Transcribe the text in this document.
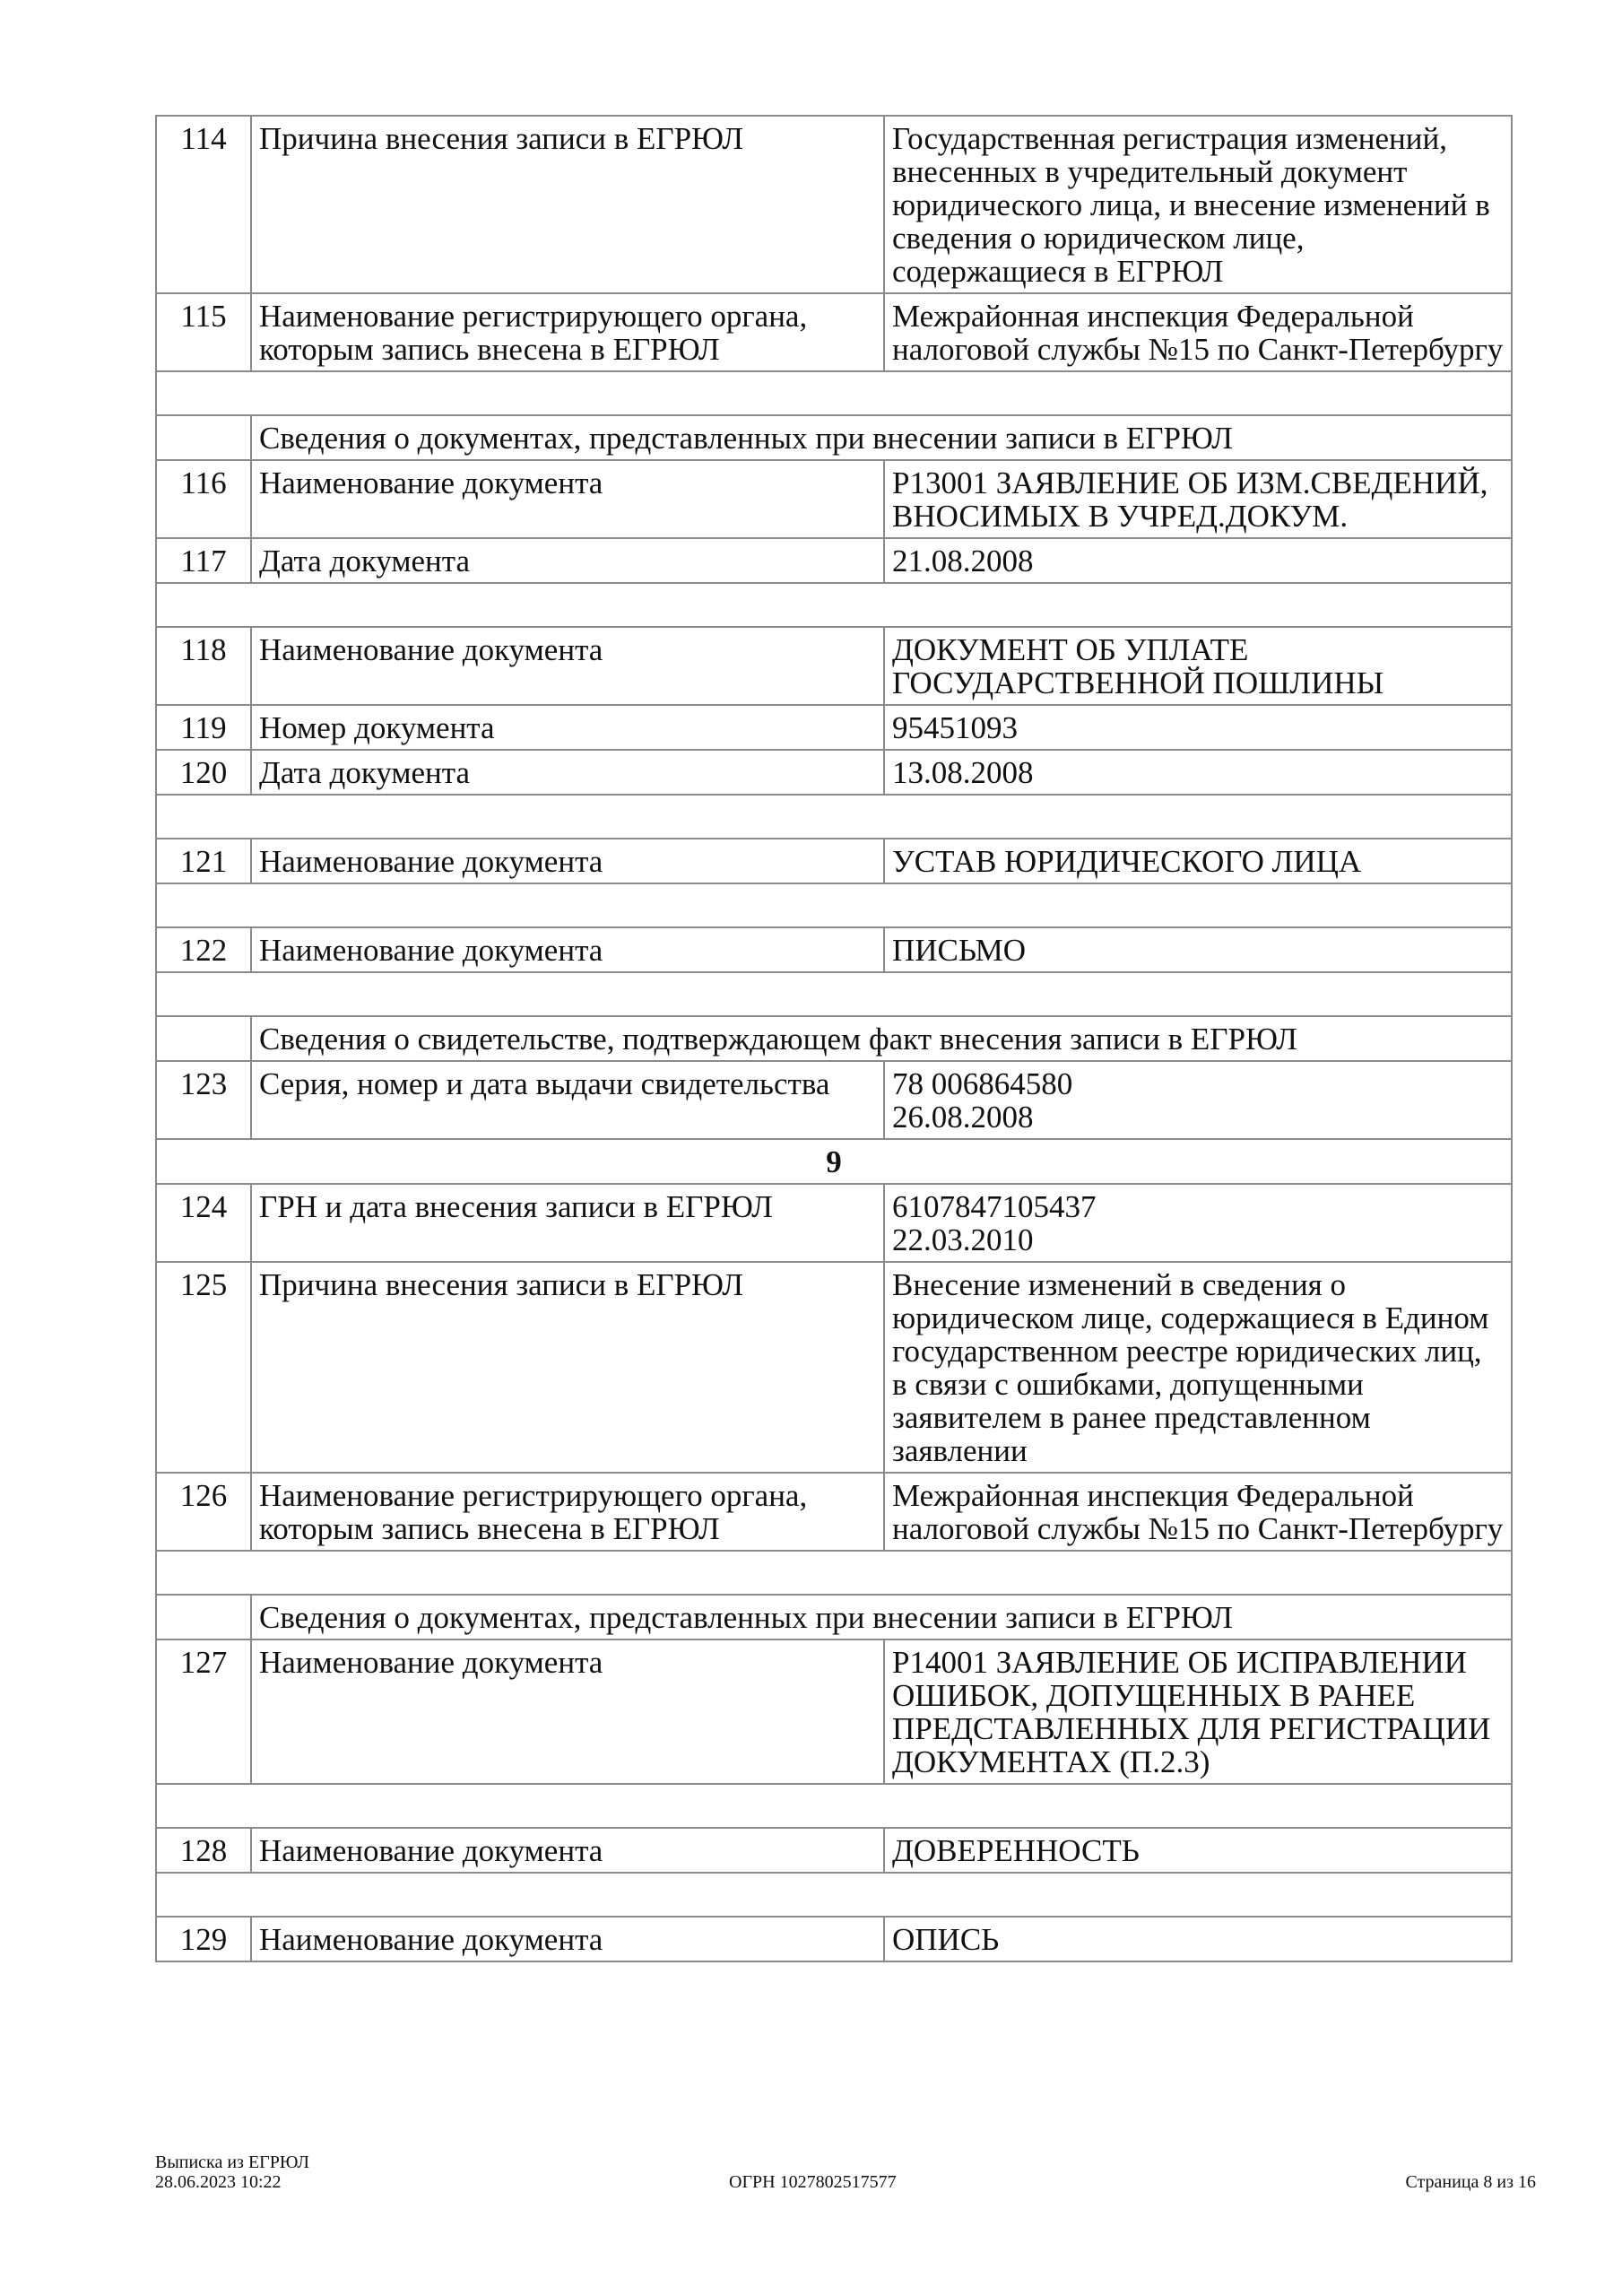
114	Причина внесения записи в ЕГРЮЛ	Государственная регистрация изменений, внесенных в учредительный документ юридического лица, и внесение изменений в сведения о юридическом лице, содержащиеся в ЕГРЮЛ
115	Наименование регистрирующего органа, которым запись внесена в ЕГРЮЛ	Межрайонная инспекция Федеральной налоговой службы №15 по Санкт-Петербургу

	Сведения о документах, представленных при внесении записи в ЕГРЮЛ	
116	Наименование документа	Р13001 ЗАЯВЛЕНИЕ ОБ ИЗМ.СВЕДЕНИЙ, ВНОСИМЫХ В УЧРЕД.ДОКУМ.
117	Дата документа	21.08.2008

118	Наименование документа	ДОКУМЕНТ ОБ УПЛАТЕ ГОСУДАРСТВЕННОЙ ПОШЛИНЫ
119	Номер документа	95451093
120	Дата документа	13.08.2008

121	Наименование документа	УСТАВ ЮРИДИЧЕСКОГО ЛИЦА

122	Наименование документа	ПИСЬМО

	Сведения о свидетельстве, подтверждающем факт внесения записи в ЕГРЮЛ	
123	Серия, номер и дата выдачи свидетельства	78 006864580
26.08.2008
9		
124	ГРН и дата внесения записи в ЕГРЮЛ	6107847105437
22.03.2010
125	Причина внесения записи в ЕГРЮЛ	Внесение изменений в сведения о юридическом лице, содержащиеся в Едином государственном реестре юридических лиц, в связи с ошибками, допущенными заявителем в ранее представленном заявлении
126	Наименование регистрирующего органа, которым запись внесена в ЕГРЮЛ	Межрайонная инспекция Федеральной налоговой службы №15 по Санкт-Петербургу

	Сведения о документах, представленных при внесении записи в ЕГРЮЛ	
127	Наименование документа	Р14001 ЗАЯВЛЕНИЕ ОБ ИСПРАВЛЕНИИ ОШИБОК, ДОПУЩЕННЫХ В РАНЕЕ ПРЕДСТАВЛЕННЫХ ДЛЯ РЕГИСТРАЦИИ ДОКУМЕНТАХ (П.2.3)

128	Наименование документа	ДОВЕРЕННОСТЬ

129	Наименование документа	ОПИСЬ
Выписка из ЕГРЮЛ
28.06.2023 10:22	ОГРН 1027802517577	Страница 8 из 16
